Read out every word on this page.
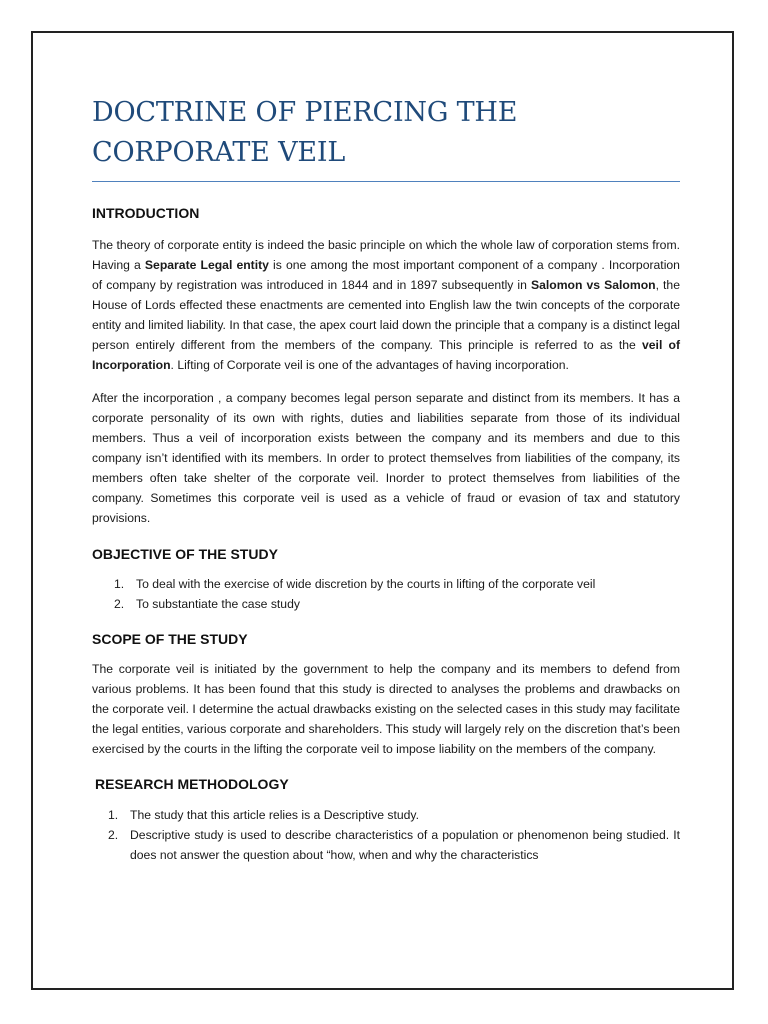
DOCTRINE OF PIERCING THE
CORPORATE VEIL
INTRODUCTION

The theory of corporate entity is indeed the basic principle on which the whole law of corporation stems from. Having a Separate Legal entity is one among the most important component of a company . Incorporation of company by registration was introduced in 1844 and in 1897 subsequently in Salomon vs Salomon, the House of Lords effected these enactments are cemented into English law the twin concepts of the corporate entity and limited liability. In that case, the apex court laid down the principle that a company is a distinct legal person entirely different from the members of the company. This principle is referred to as the veil of Incorporation. Lifting of Corporate veil is one of the advantages of having incorporation.

After the incorporation , a company becomes legal person separate and distinct from its members. It has a corporate personality of its own with rights, duties and liabilities separate from those of its individual members. Thus a veil of incorporation exists between the company and its members and due to this company isn’t identified with its members. In order to protect themselves from liabilities of the company, its members often take shelter of the corporate veil. Inorder to protect themselves from liabilities of the company. Sometimes this corporate veil is used as a vehicle of fraud or evasion of tax and statutory provisions.

OBJECTIVE OF THE STUDY
1. To deal with the exercise of wide discretion by the courts in lifting of the corporate veil
2. To substantiate the case study
SCOPE OF THE STUDY

The corporate veil is initiated by the government to help the company and its members to defend from various problems. It has been found that this study is directed to analyses the problems and drawbacks on the corporate veil. I determine the actual drawbacks existing on the selected cases in this study may facilitate the legal entities, various corporate and shareholders. This study will largely rely on the discretion that’s been exercised by the courts in the lifting the corporate veil to impose liability on the members of the company.

RESEARCH METHODOLOGY
1. The study that this article relies is a Descriptive study.
2. Descriptive study is used to describe characteristics of a population or phenomenon being studied. It does not answer the question about “how, when and why the characteristics
